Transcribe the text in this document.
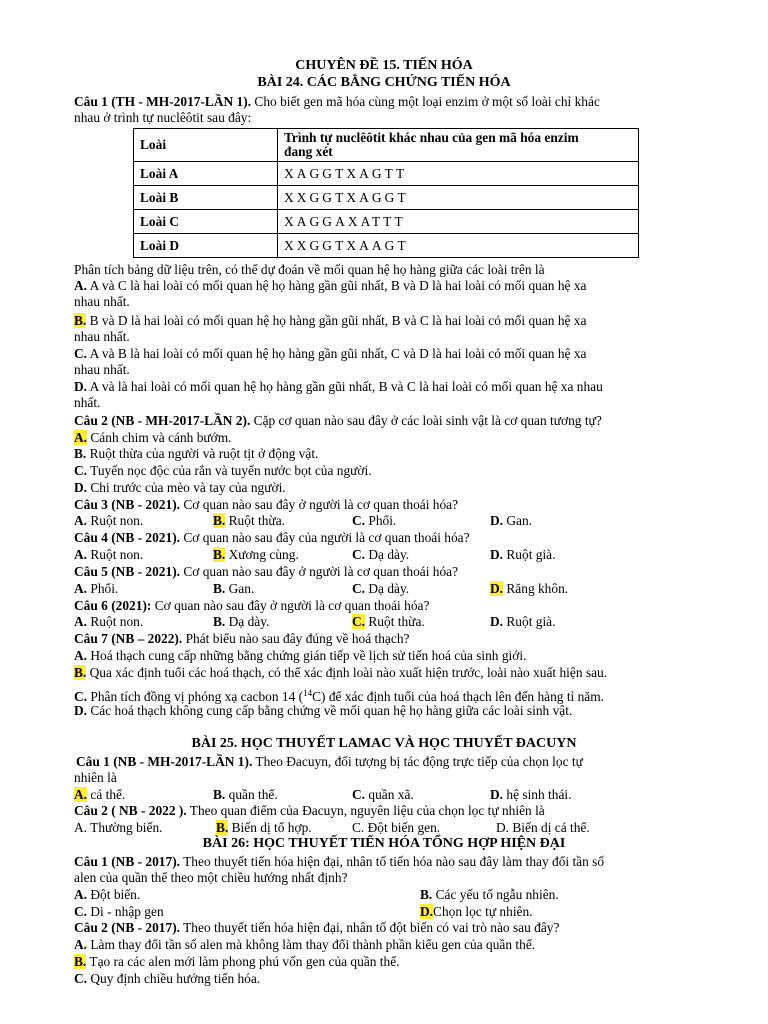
CHUYÊN ĐỀ 15. TIẾN HÓA
BÀI 24. CÁC BẰNG CHỨNG TIẾN HÓA
Câu 1 (TH - MH-2017-LẦN 1). Cho biết gen mã hóa cùng một loại enzim ở một số loài chỉ khác
nhau ở trình tự nuclêôtit sau đây:
Loài	Trình tự nuclêôtit khác nhau của gen mã hóa enzim
đang xét
Loài A	XAGGTXAGTT
Loài B	XXGGTXAGGT
Loài C	XAGGAXATTT
Loài D	XXGGTXAAGT
Phân tích bảng dữ liệu trên, có thể dự đoán về mối quan hệ họ hàng giữa các loài trên là
A. A và C là hai loài có mối quan hệ họ hàng gần gũi nhất, B và D là hai loài có mối quan hệ xa
nhau nhất.
B. B và D là hai loài có mối quan hệ họ hàng gần gũi nhất, B và C là hai loài có mối quan hệ xa
nhau nhất.
C. A và B là hai loài có mối quan hệ họ hàng gần gũi nhất, C và D là hai loài có mối quan hệ xa
nhau nhất.
D. A và là hai loài có mối quan hệ họ hàng gần gũi nhất, B và C là hai loài có mối quan hệ xa nhau
nhất.
Câu 2 (NB - MH-2017-LẦN 2). Cặp cơ quan nào sau đây ở các loài sinh vật là cơ quan tương tự?
A. Cánh chim và cánh bướm.
B. Ruột thừa của người và ruột tịt ở động vật.
C. Tuyến nọc độc của rắn và tuyến nước bọt của người.
D. Chi trước của mèo và tay của người.
Câu 3 (NB - 2021). Cơ quan nào sau đây ở người là cơ quan thoái hóa?
A. Ruột non.	B. Ruột thừa.	C. Phổi.	D. Gan.
Câu 4 (NB - 2021). Cơ quan nào sau đây của người là cơ quan thoái hóa?
A. Ruột non.	B. Xương cùng.	C. Dạ dày.	D. Ruột già.
Câu 5 (NB - 2021). Cơ quan nào sau đây ở người là cơ quan thoái hóa?
A. Phổi.	B. Gan.	C. Dạ dày.	D. Răng khôn.
Câu 6 (2021): Cơ quan nào sau đây ở người là cơ quan thoái hóa?
A. Ruột non.	B. Dạ dày.	C. Ruột thừa.	D. Ruột già.
Câu 7 (NB – 2022). Phát biểu nào sau đây đúng về hoá thạch?
A. Hoá thạch cung cấp những bằng chứng gián tiếp về lịch sử tiến hoá của sinh giới.
B. Qua xác định tuổi các hoá thạch, có thể xác định loài nào xuất hiện trước, loài nào xuất hiện sau.
C. Phân tích đồng vị phóng xạ cacbon 14 ($^{14}$C) để xác định tuổi của hoá thạch lên đến hàng tỉ năm.
D. Các hoá thạch không cung cấp bằng chứng về mối quan hệ họ hàng giữa các loài sinh vật.
BÀI 25. HỌC THUYẾT LAMAC VÀ HỌC THUYẾT ĐACUYN
Câu 1 (NB - MH-2017-LẦN 1). Theo Đacuyn, đối tượng bị tác động trực tiếp của chọn lọc tự
nhiên là
A. cá thể.	B. quần thể.	C. quần xã.	D. hệ sinh thái.
Câu 2 ( NB - 2022 ). Theo quan điểm của Đacuyn, nguyên liệu của chọn lọc tự nhiên là
A. Thường biến.	B. Biến dị tổ hợp.	C. Đột biến gen.	D. Biến dị cá thể.
BÀI 26: HỌC THUYẾT TIẾN HÓA TỔNG HỢP HIỆN ĐẠI
Câu 1 (NB - 2017). Theo thuyết tiến hóa hiện đại, nhân tố tiến hóa nào sau đây làm thay đổi tần số
alen của quần thể theo một chiều hướng nhất định?
A. Đột biến.	B. Các yếu tố ngẫu nhiên.
C. Di - nhập gen	D.Chọn lọc tự nhiên.
Câu 2 (NB - 2017). Theo thuyết tiến hóa hiện đại, nhân tố đột biến có vai trò nào sau đây?
A. Làm thay đổi tần số alen mà không làm thay đổi thành phần kiểu gen của quần thể.
B. Tạo ra các alen mới làm phong phú vốn gen của quần thể.
C. Quy định chiều hướng tiến hóa.
